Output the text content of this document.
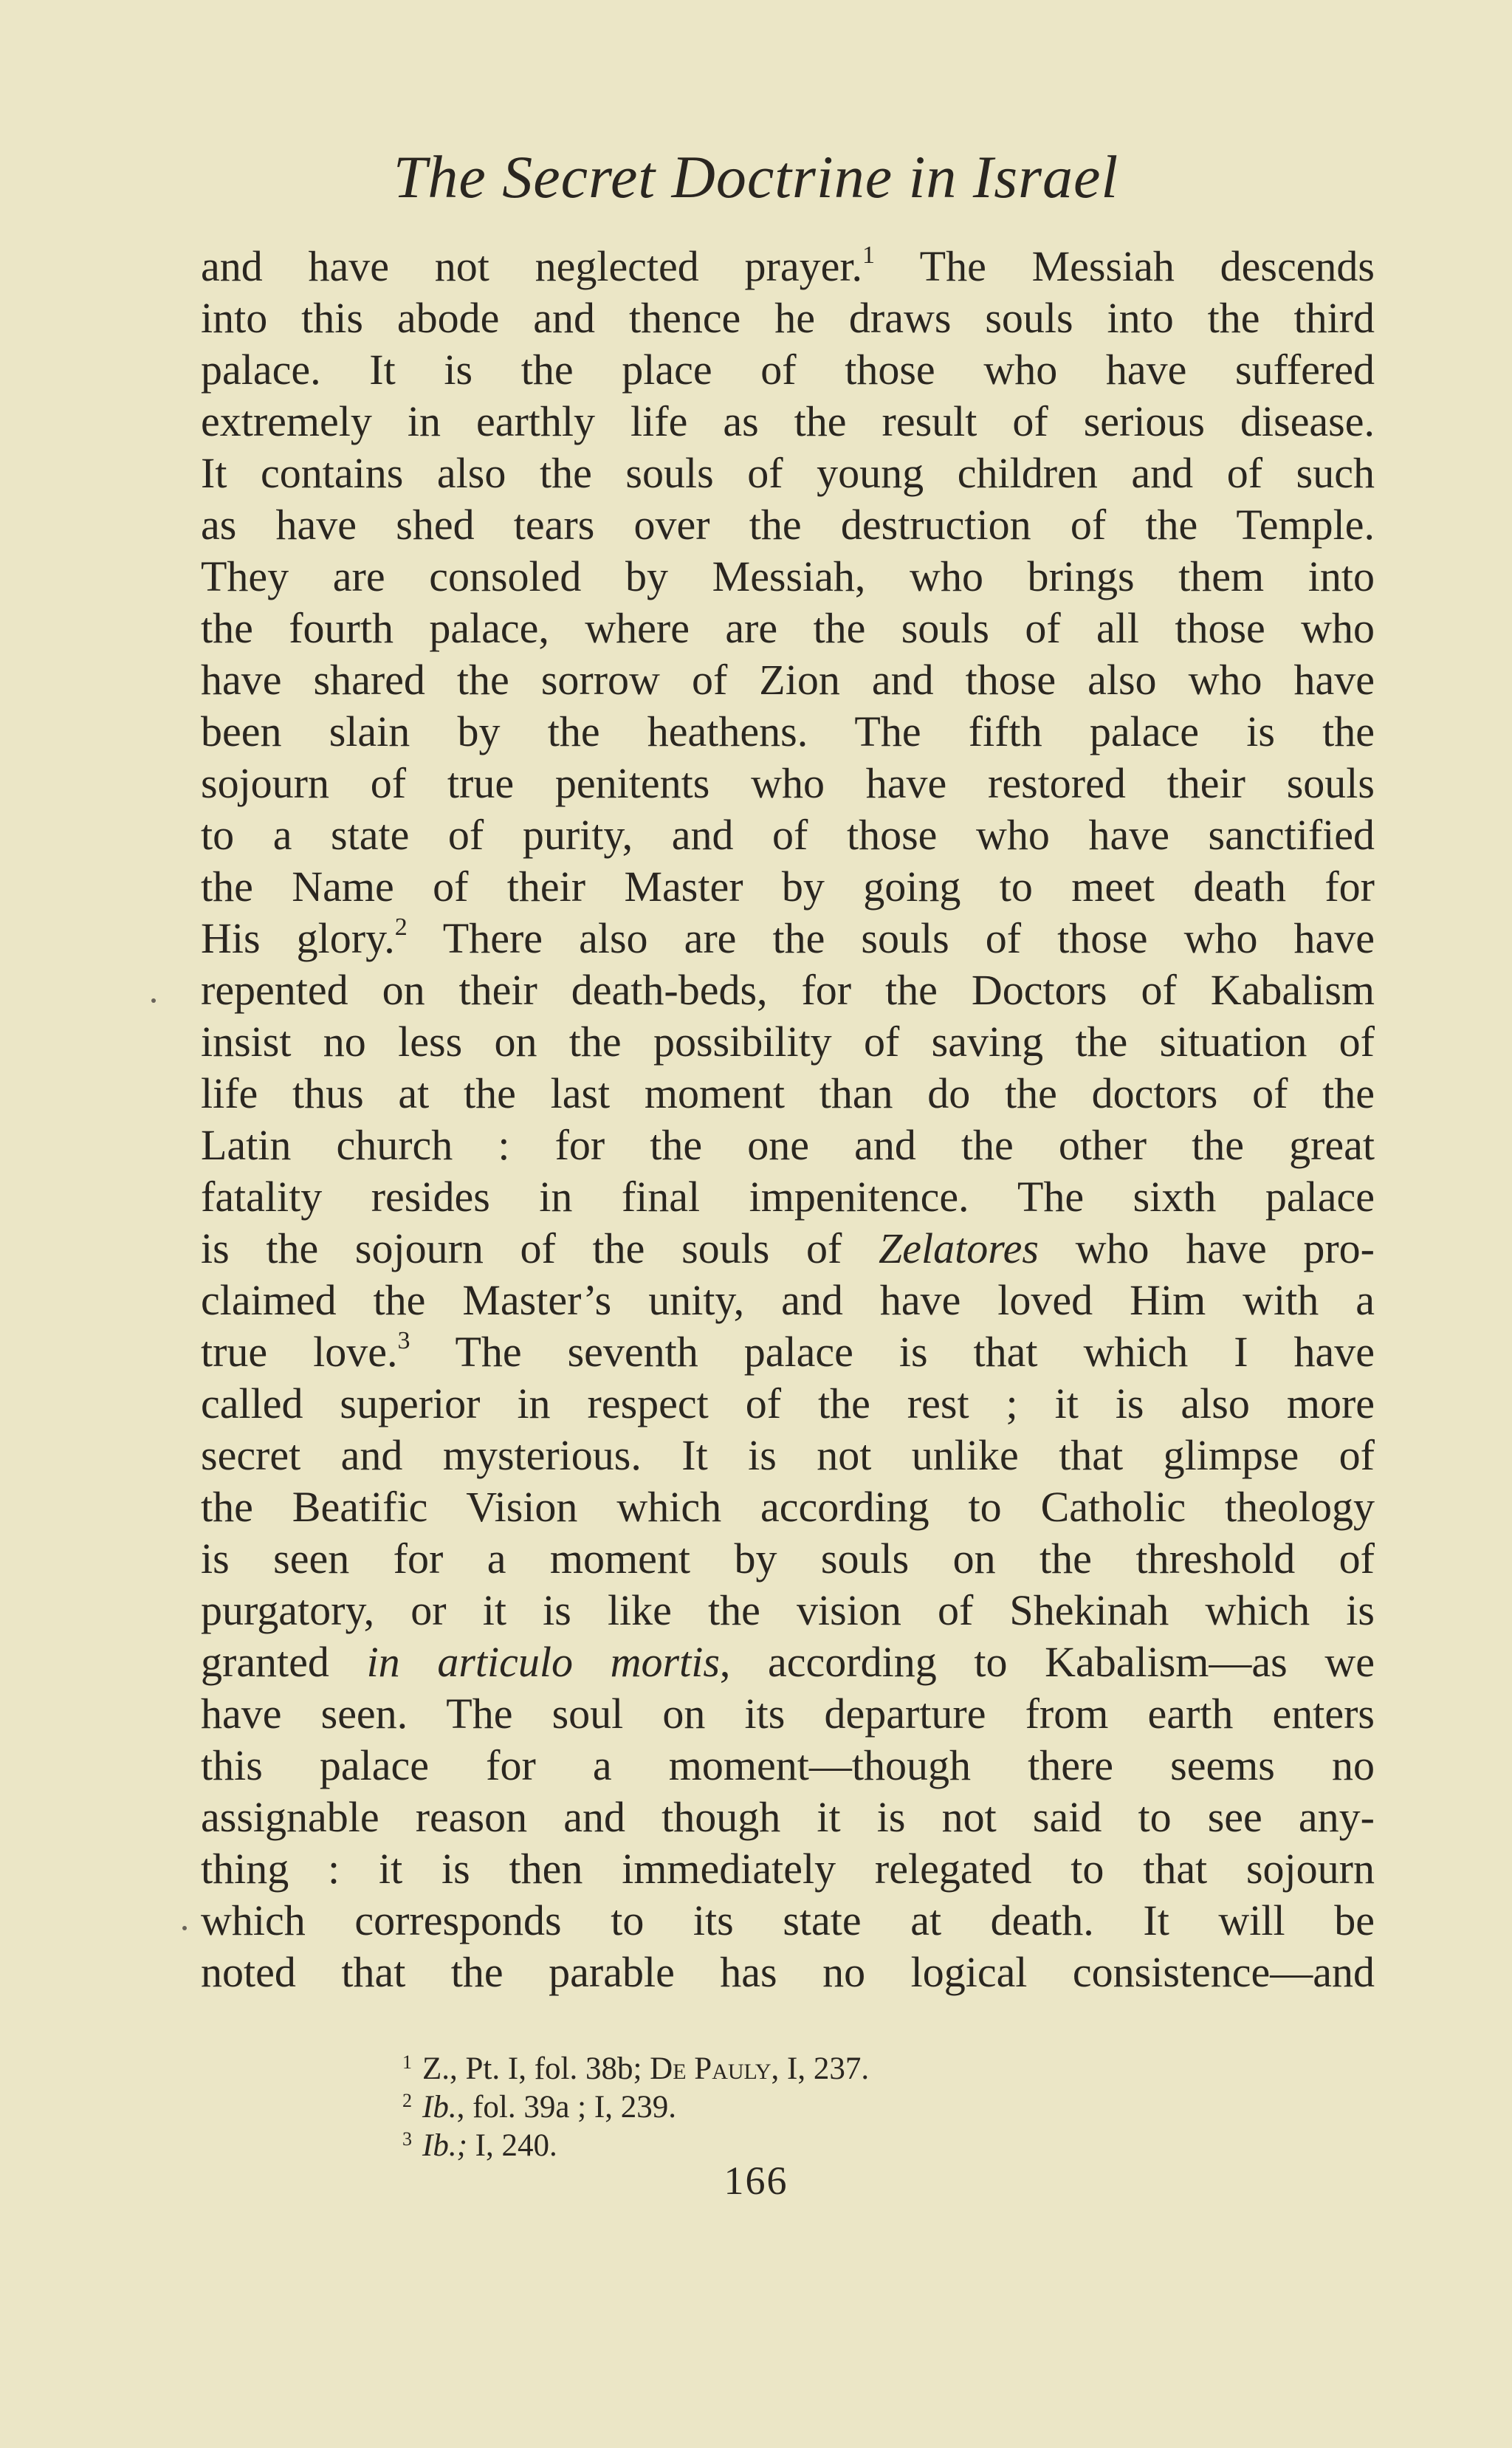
The Secret Doctrine in Israel
and have not neglected prayer.$^1$ The Messiah descends
into this abode and thence he draws souls into the third
palace. It is the place of those who have suffered
extremely in earthly life as the result of serious disease.
It contains also the souls of young children and of such
as have shed tears over the destruction of the Temple.
They are consoled by Messiah, who brings them into
the fourth palace, where are the souls of all those who
have shared the sorrow of Zion and those also who have
been slain by the heathens. The fifth palace is the
sojourn of true penitents who have restored their souls
to a state of purity, and of those who have sanctified
the Name of their Master by going to meet death for
His glory.$^2$ There also are the souls of those who have
repented on their death-beds, for the Doctors of Kabalism
insist no less on the possibility of saving the situation of
life thus at the last moment than do the doctors of the
Latin church : for the one and the other the great
fatality resides in final impenitence. The sixth palace
is the sojourn of the souls of Zelatores who have pro-
claimed the Master’s unity, and have loved Him with a
true love.$^3$ The seventh palace is that which I have
called superior in respect of the rest ; it is also more
secret and mysterious. It is not unlike that glimpse of
the Beatific Vision which according to Catholic theology
is seen for a moment by souls on the threshold of
purgatory, or it is like the vision of Shekinah which is
granted in articulo mortis, according to Kabalism—as we
have seen. The soul on its departure from earth enters
this palace for a moment—though there seems no
assignable reason and though it is not said to see any-
thing : it is then immediately relegated to that sojourn
which corresponds to its state at death. It will be
noted that the parable has no logical consistence—and
$^1$ Z., Pt. I, fol. 38b; De Pauly, I, 237.
$^2$ Ib., fol. 39a ; I, 239.
$^3$ Ib.; I, 240.
166
